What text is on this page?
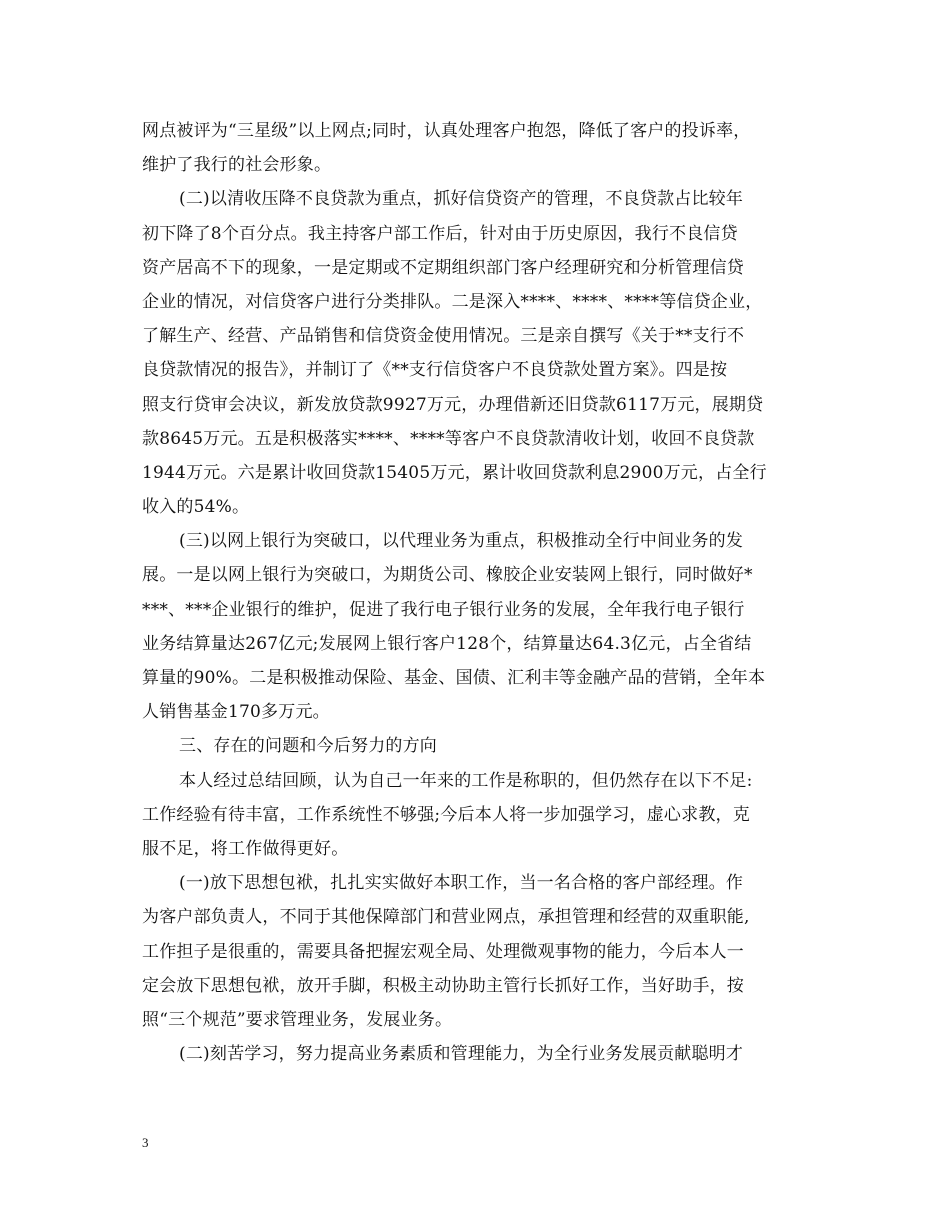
网点被评为“三星级”以上网点;同时，认真处理客户抱怨，降低了客户的投诉率，
维护了我行的社会形象。
(二)以清收压降不良贷款为重点，抓好信贷资产的管理，不良贷款占比较年
初下降了8个百分点。我主持客户部工作后，针对由于历史原因，我行不良信贷
资产居高不下的现象，一是定期或不定期组织部门客户经理研究和分析管理信贷
企业的情况，对信贷客户进行分类排队。二是深入****、****、****等信贷企业，
了解生产、经营、产品销售和信贷资金使用情况。三是亲自撰写《关于**支行不
良贷款情况的报告》，并制订了《**支行信贷客户不良贷款处置方案》。四是按
照支行贷审会决议，新发放贷款9927万元，办理借新还旧贷款6117万元，展期贷
款8645万元。五是积极落实****、****等客户不良贷款清收计划，收回不良贷款
1944万元。六是累计收回贷款15405万元，累计收回贷款利息2900万元，占全行
收入的54%。
(三)以网上银行为突破口，以代理业务为重点，积极推动全行中间业务的发
展。一是以网上银行为突破口，为期货公司、橡胶企业安装网上银行，同时做好*
***、***企业银行的维护，促进了我行电子银行业务的发展，全年我行电子银行
业务结算量达267亿元;发展网上银行客户128个，结算量达64.3亿元，占全省结
算量的90%。二是积极推动保险、基金、国债、汇利丰等金融产品的营销，全年本
人销售基金170多万元。
三、存在的问题和今后努力的方向
本人经过总结回顾，认为自己一年来的工作是称职的，但仍然存在以下不足:
工作经验有待丰富，工作系统性不够强;今后本人将一步加强学习，虚心求教，克
服不足，将工作做得更好。
(一)放下思想包袱，扎扎实实做好本职工作，当一名合格的客户部经理。作
为客户部负责人，不同于其他保障部门和营业网点，承担管理和经营的双重职能,
工作担子是很重的，需要具备把握宏观全局、处理微观事物的能力，今后本人一
定会放下思想包袱，放开手脚，积极主动协助主管行长抓好工作，当好助手，按
照“三个规范”要求管理业务，发展业务。
(二)刻苦学习，努力提高业务素质和管理能力，为全行业务发展贡献聪明才
3
